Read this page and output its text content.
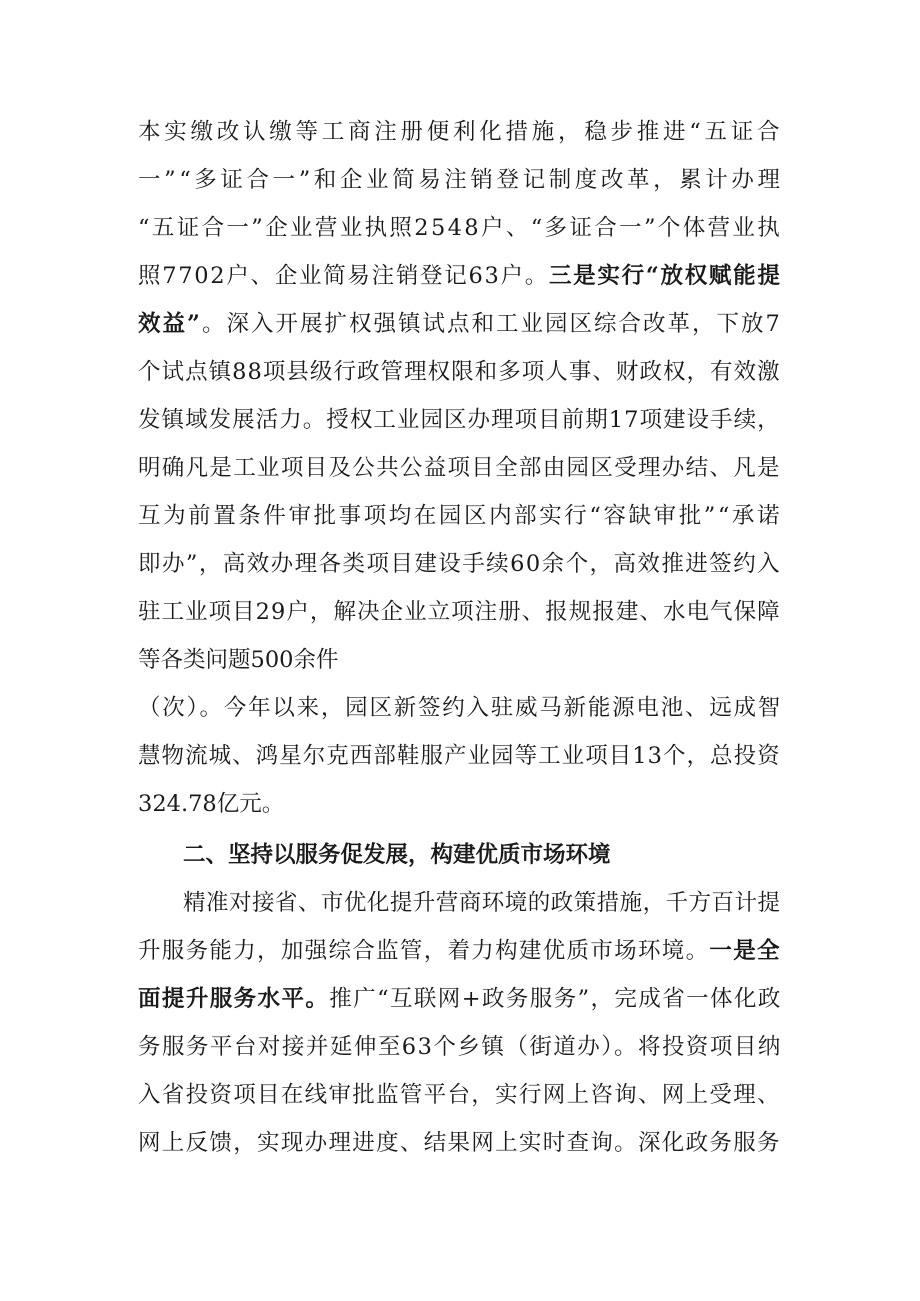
本实缴改认缴等工商注册便利化措施，稳步推进“五证合
一”“多证合一”和企业简易注销登记制度改革，累计办理
“五证合一”企业营业执照2548户、“多证合一”个体营业执
照7702户、企业简易注销登记63户。三是实行“放权赋能提
效益”。深入开展扩权强镇试点和工业园区综合改革，下放7
个试点镇88项县级行政管理权限和多项人事、财政权，有效激
发镇域发展活力。授权工业园区办理项目前期17项建设手续，
明确凡是工业项目及公共公益项目全部由园区受理办结、凡是
互为前置条件审批事项均在园区内部实行“容缺审批”“承诺
即办”，高效办理各类项目建设手续60余个，高效推进签约入
驻工业项目29户，解决企业立项注册、报规报建、水电气保障
等各类问题500余件
（次）。今年以来，园区新签约入驻威马新能源电池、远成智
慧物流城、鸿星尔克西部鞋服产业园等工业项目13个，总投资
324.78亿元。
二、坚持以服务促发展，构建优质市场环境
精准对接省、市优化提升营商环境的政策措施，千方百计提
升服务能力，加强综合监管，着力构建优质市场环境。一是全
面提升服务水平。推广“互联网+政务服务”，完成省一体化政
务服务平台对接并延伸至63个乡镇（街道办）。将投资项目纳
入省投资项目在线审批监管平台，实行网上咨询、网上受理、
网上反馈，实现办理进度、结果网上实时查询。深化政务服务
